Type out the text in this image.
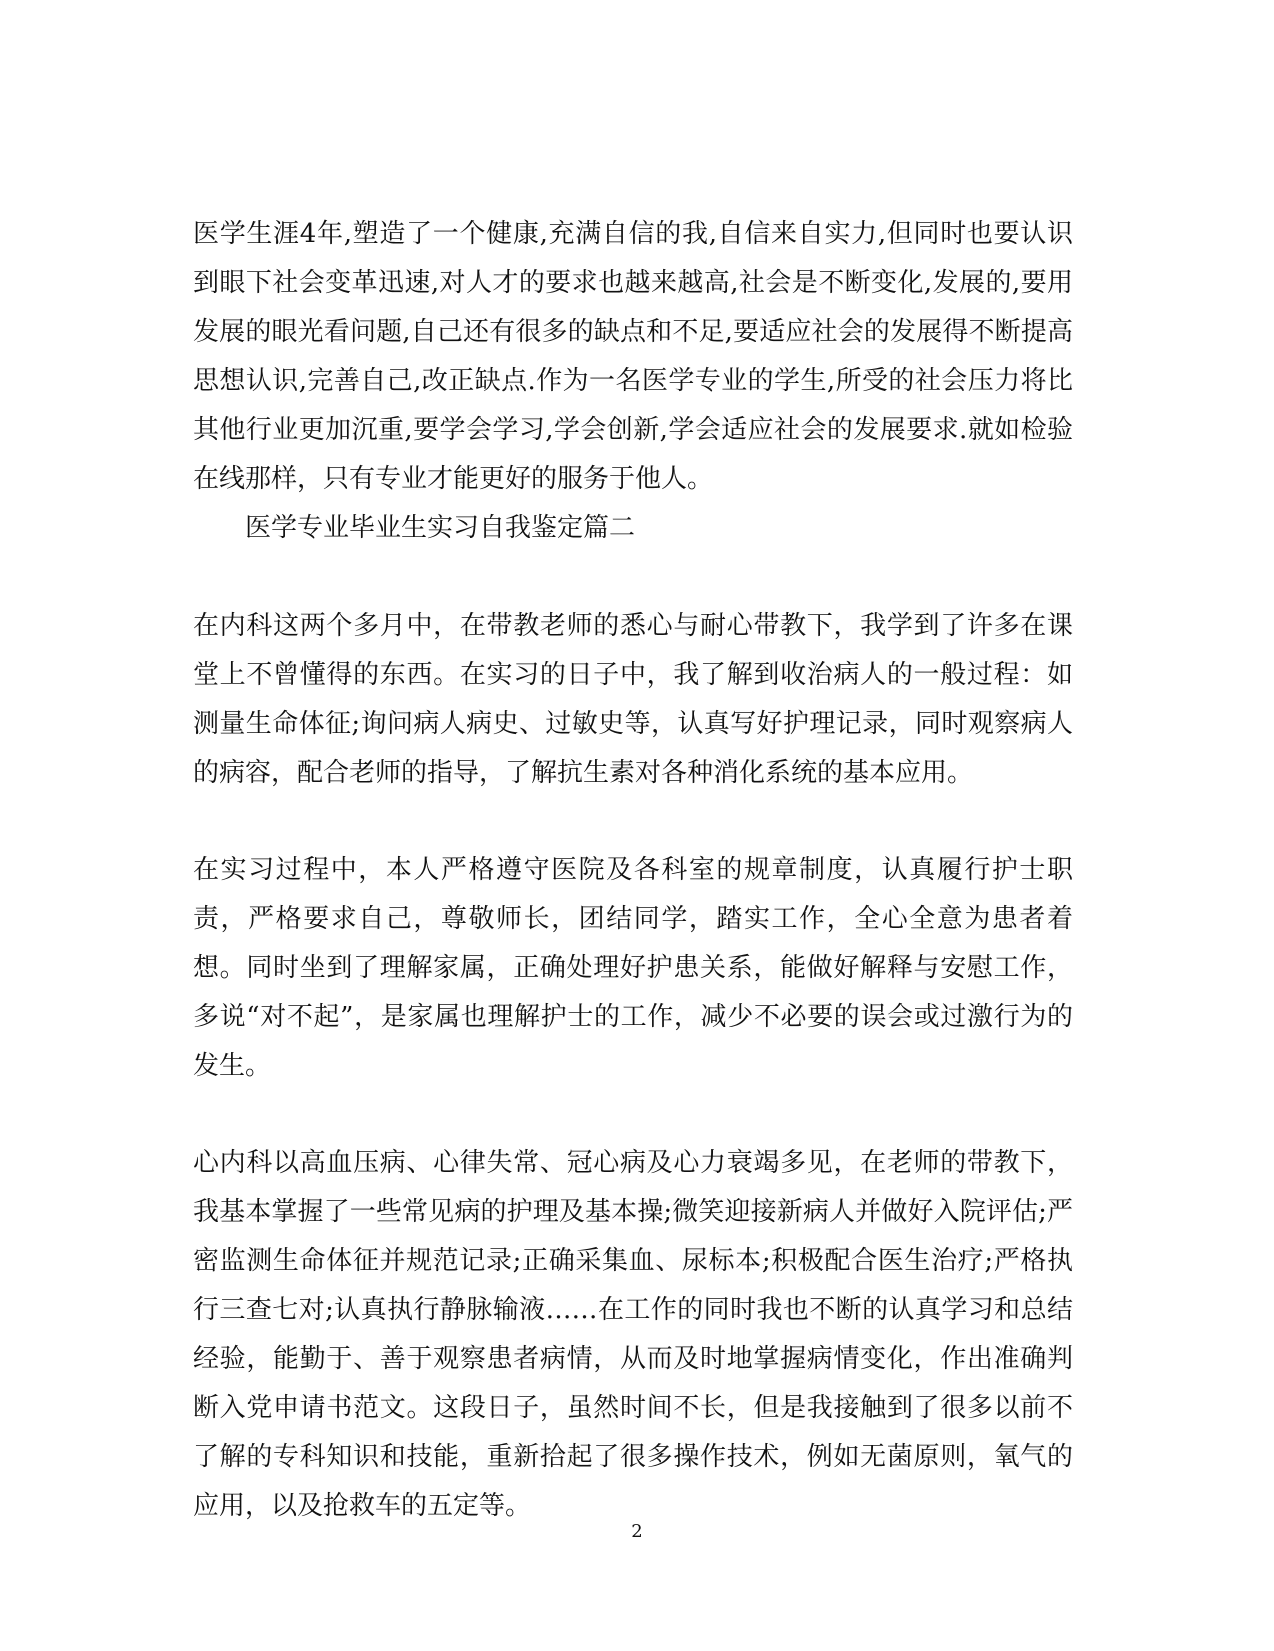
医学生涯4年,塑造了一个健康,充满自信的我,自信来自实力,但同时也要认识到眼下社会变革迅速,对人才的要求也越来越高,社会是不断变化,发展的,要用发展的眼光看问题,自己还有很多的缺点和不足,要适应社会的发展得不断提高思想认识,完善自己,改正缺点.作为一名医学专业的学生,所受的社会压力将比其他行业更加沉重,要学会学习,学会创新,学会适应社会的发展要求.就如检验在线那样，只有专业才能更好的服务于他人。

医学专业毕业生实习自我鉴定篇二

在内科这两个多月中，在带教老师的悉心与耐心带教下，我学到了许多在课堂上不曾懂得的东西。在实习的日子中，我了解到收治病人的一般过程：如测量生命体征;询问病人病史、过敏史等，认真写好护理记录，同时观察病人的病容，配合老师的指导，了解抗生素对各种消化系统的基本应用。

在实习过程中，本人严格遵守医院及各科室的规章制度，认真履行护士职责，严格要求自己，尊敬师长，团结同学，踏实工作，全心全意为患者着想。同时坐到了理解家属，正确处理好护患关系，能做好解释与安慰工作，多说“对不起”，是家属也理解护士的工作，减少不必要的误会或过激行为的发生。

心内科以高血压病、心律失常、冠心病及心力衰竭多见，在老师的带教下，我基本掌握了一些常见病的护理及基本操;微笑迎接新病人并做好入院评估;严密监测生命体征并规范记录;正确采集血、尿标本;积极配合医生治疗;严格执行三查七对;认真执行静脉输液……在工作的同时我也不断的认真学习和总结经验，能勤于、善于观察患者病情，从而及时地掌握病情变化，作出准确判断入党申请书范文。这段日子，虽然时间不长，但是我接触到了很多以前不了解的专科知识和技能，重新拾起了很多操作技术，例如无菌原则，氧气的应用，以及抢救车的五定等。

2
